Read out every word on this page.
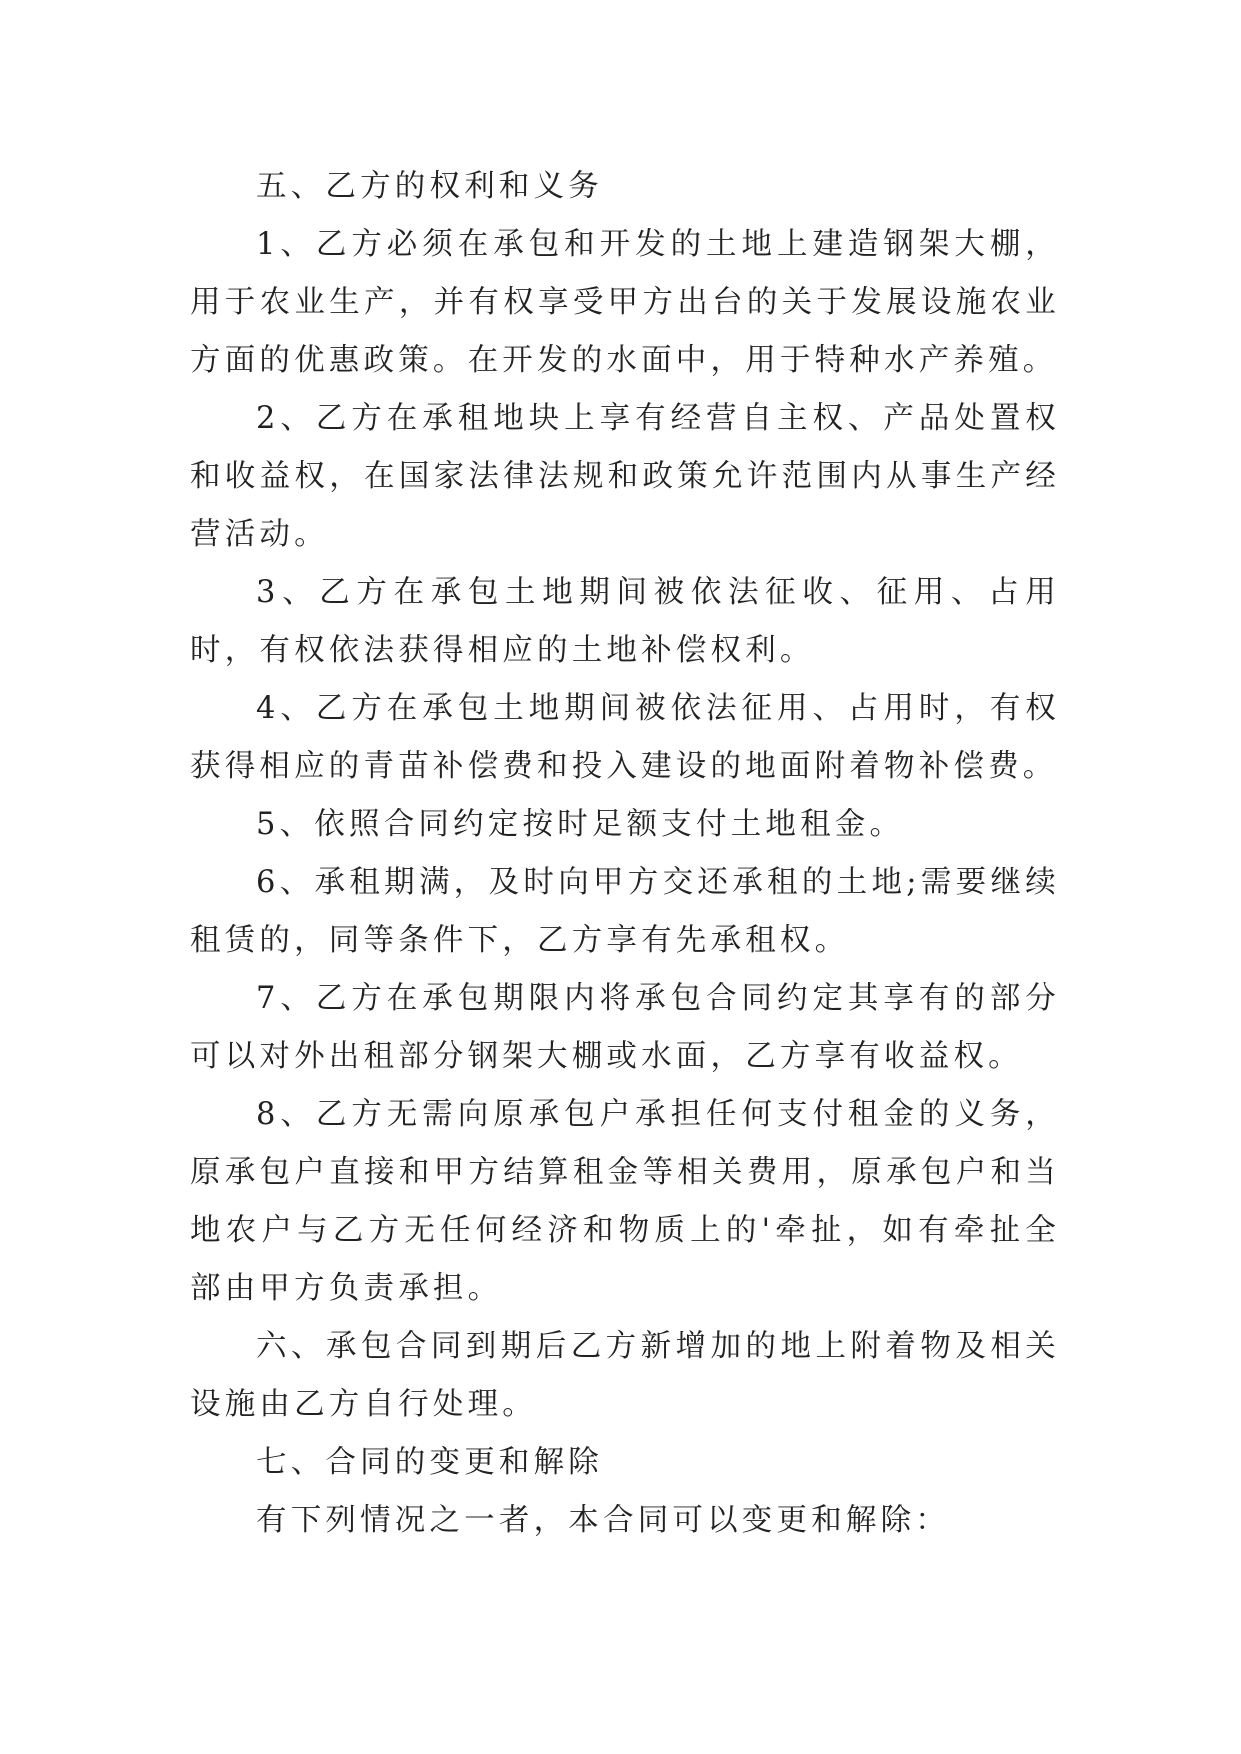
五、乙方的权利和义务

1、乙方必须在承包和开发的土地上建造钢架大棚，用于农业生产，并有权享受甲方出台的关于发展设施农业方面的优惠政策。在开发的水面中，用于特种水产养殖。

2、乙方在承租地块上享有经营自主权、产品处置权和收益权，在国家法律法规和政策允许范围内从事生产经营活动。

3、乙方在承包土地期间被依法征收、征用、占用时，有权依法获得相应的土地补偿权利。

4、乙方在承包土地期间被依法征用、占用时，有权获得相应的青苗补偿费和投入建设的地面附着物补偿费。

5、依照合同约定按时足额支付土地租金。

6、承租期满，及时向甲方交还承租的土地;需要继续租赁的，同等条件下，乙方享有先承租权。

7、乙方在承包期限内将承包合同约定其享有的部分可以对外出租部分钢架大棚或水面，乙方享有收益权。

8、乙方无需向原承包户承担任何支付租金的义务，原承包户直接和甲方结算租金等相关费用，原承包户和当地农户与乙方无任何经济和物质上的'牵扯，如有牵扯全部由甲方负责承担。

六、承包合同到期后乙方新增加的地上附着物及相关设施由乙方自行处理。

七、合同的变更和解除

有下列情况之一者，本合同可以变更和解除：
